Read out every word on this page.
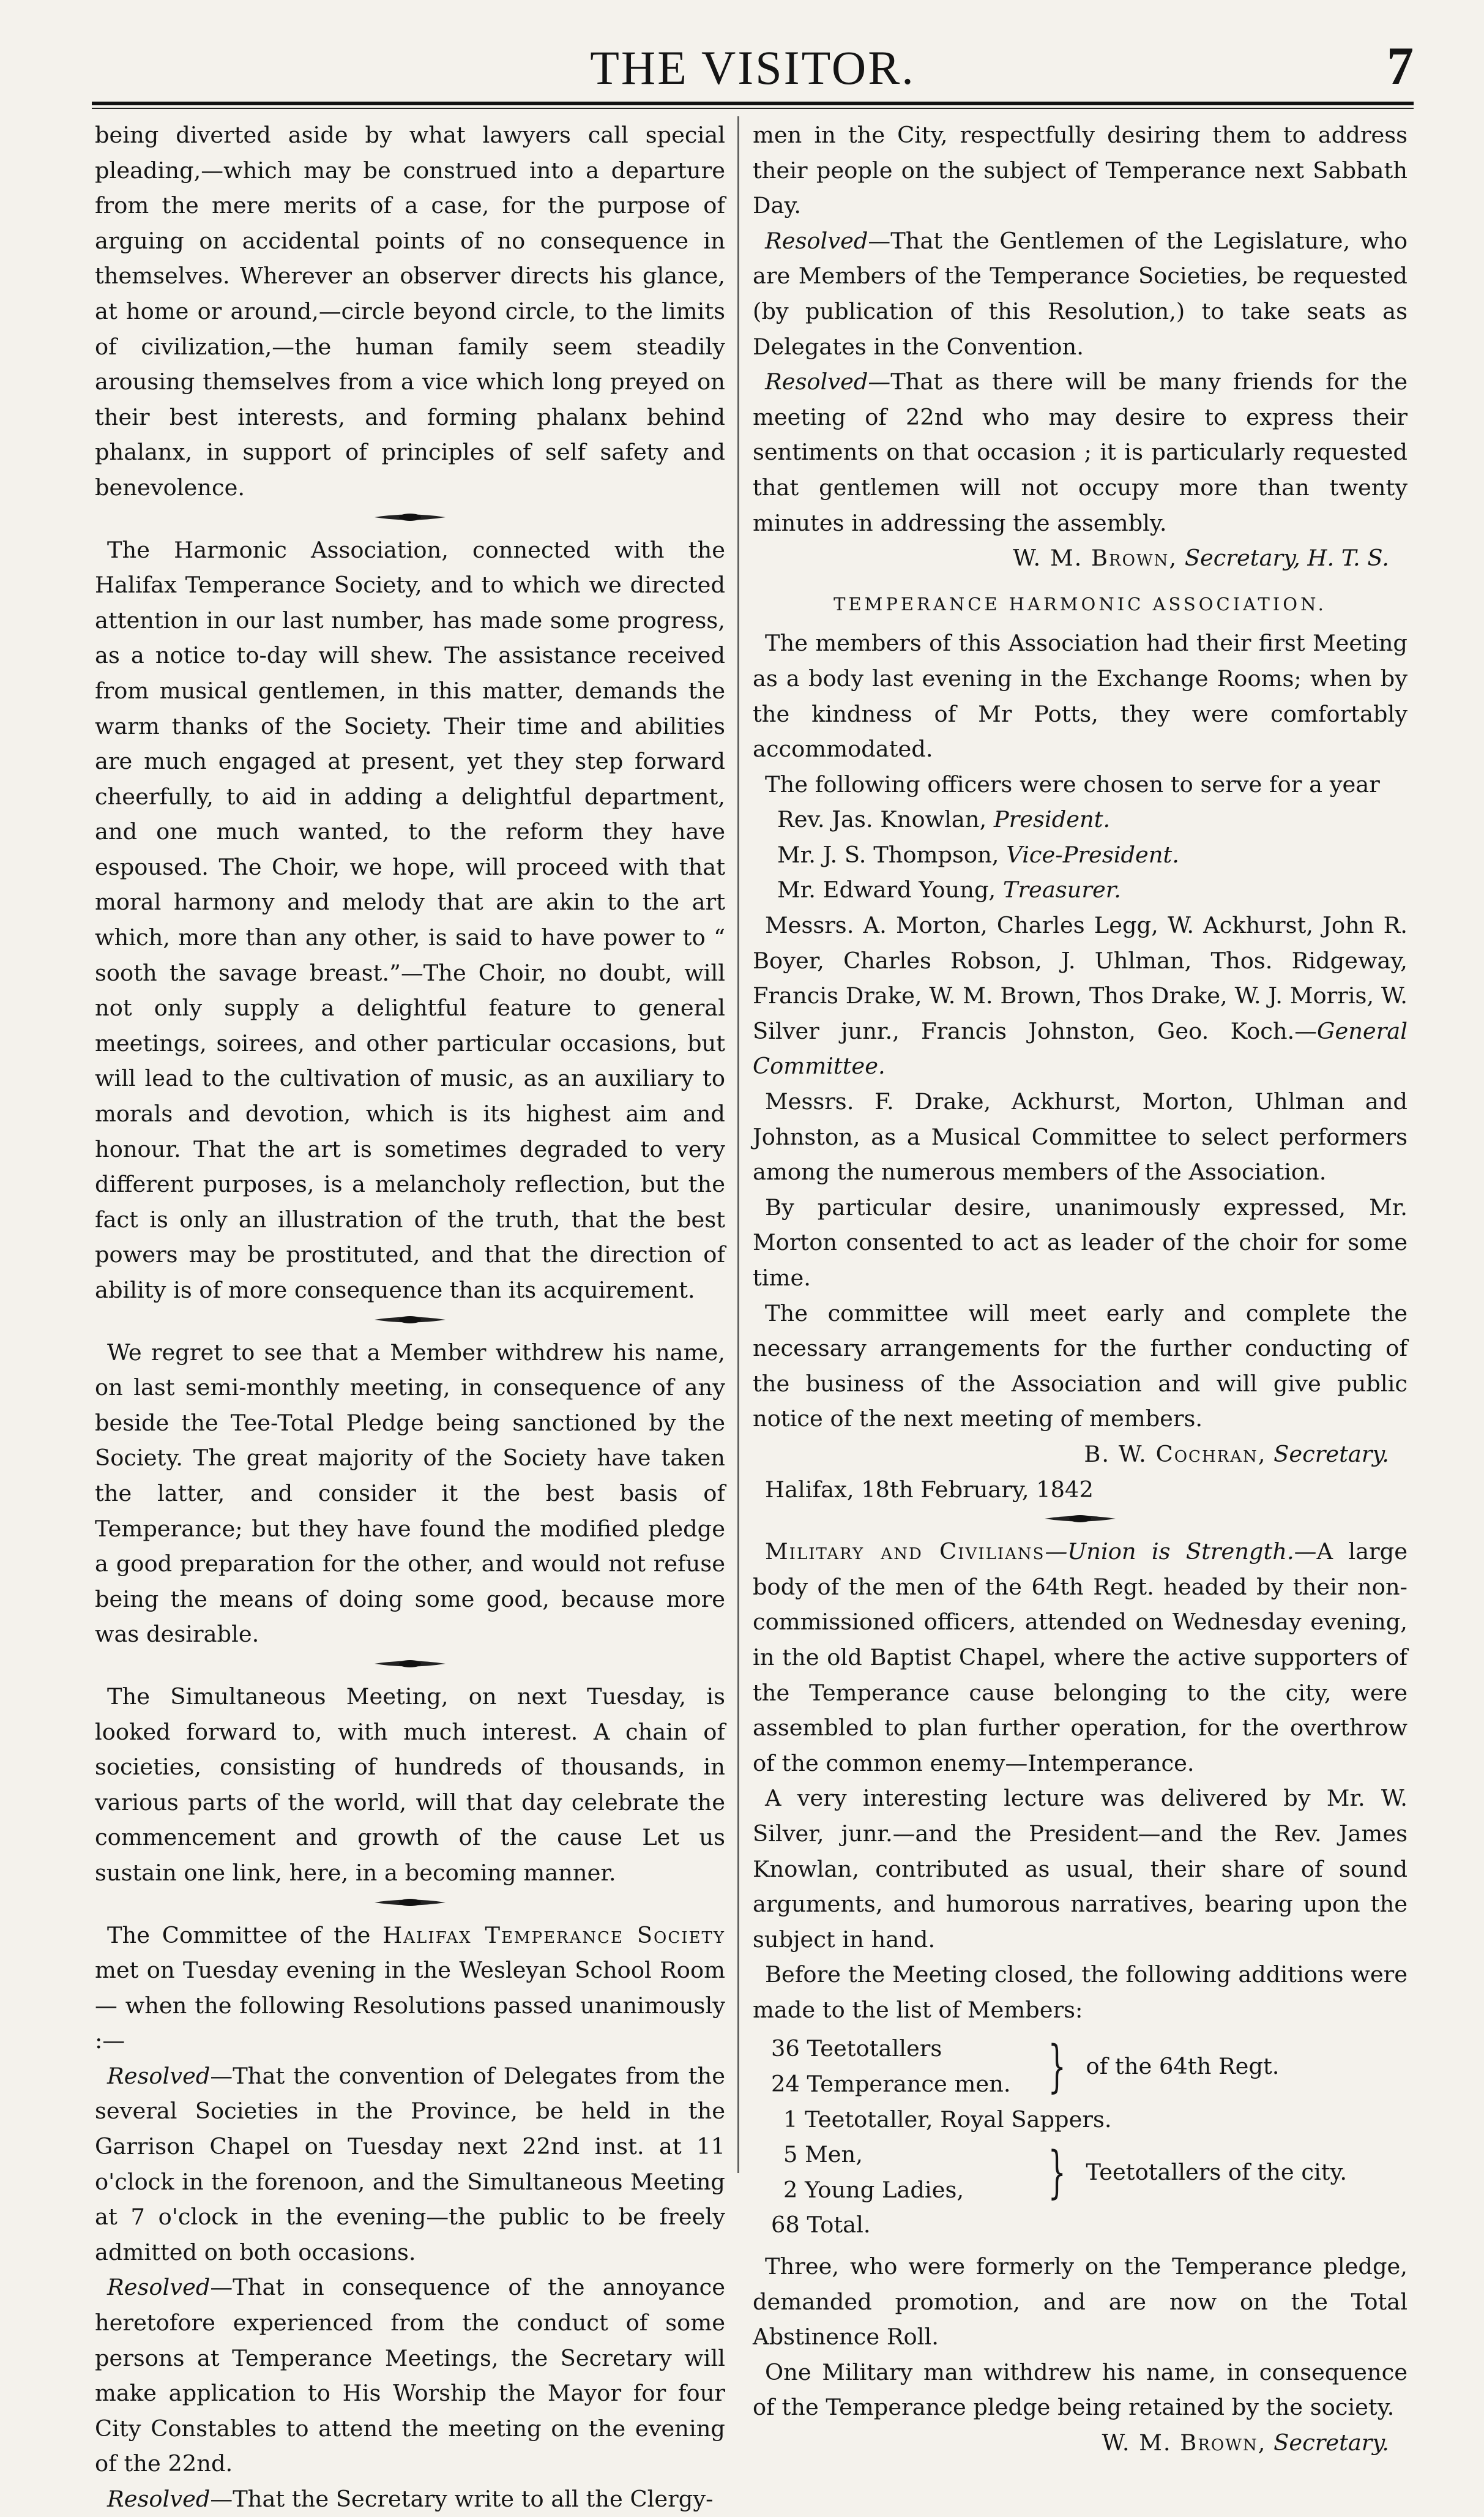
THE VISITOR.	7

being diverted aside by what lawyers call special pleading,—which may be construed into a departure from the mere merits of a case, for the purpose of arguing on accidental points of no consequence in themselves. Wherever an observer directs his glance, at home or around,—circle beyond circle, to the limits of civilization,—the human family seem steadily arousing themselves from a vice which long preyed on their best interests, and forming phalanx behind phalanx, in support of principles of self safety and benevolence.

The Harmonic Association, connected with the Halifax Temperance Society, and to which we directed attention in our last number, has made some progress, as a notice to-day will shew. The assistance received from musical gentlemen, in this matter, demands the warm thanks of the Society. Their time and abilities are much engaged at present, yet they step forward cheerfully, to aid in adding a delightful department, and one much wanted, to the reform they have espoused. The Choir, we hope, will proceed with that moral harmony and melody that are akin to the art which, more than any other, is said to have power to “ sooth the savage breast.”—The Choir, no doubt, will not only supply a delightful feature to general meetings, soirees, and other particular occasions, but will lead to the cultivation of music, as an auxiliary to morals and devotion, which is its highest aim and honour. That the art is sometimes degraded to very different purposes, is a melancholy reflection, but the fact is only an illustration of the truth, that the best powers may be prostituted, and that the direction of ability is of more consequence than its acquirement.

We regret to see that a Member withdrew his name, on last semi-monthly meeting, in consequence of any beside the Tee-Total Pledge being sanctioned by the Society. The great majority of the Society have taken the latter, and consider it the best basis of Temperance; but they have found the modified pledge a good preparation for the other, and would not refuse being the means of doing some good, because more was desirable.

The Simultaneous Meeting, on next Tuesday, is looked forward to, with much interest. A chain of societies, consisting of hundreds of thousands, in various parts of the world, will that day celebrate the commencement and growth of the cause Let us sustain one link, here, in a becoming manner.

The Committee of the Halifax Temperance Society met on Tuesday evening in the Wesleyan School Room— when the following Resolutions passed unanimously :—

Resolved—That the convention of Delegates from the several Societies in the Province, be held in the Garrison Chapel on Tuesday next 22nd inst. at 11 o'clock in the forenoon, and the Simultaneous Meeting at 7 o'clock in the evening—the public to be freely admitted on both occasions.

Resolved—That in consequence of the annoyance heretofore experienced from the conduct of some persons at Temperance Meetings, the Secretary will make application to His Worship the Mayor for four City Constables to attend the meeting on the evening of the 22nd.

Resolved—That the Secretary write to all the Clergy-

men in the City, respectfully desiring them to address their people on the subject of Temperance next Sabbath Day.

Resolved—That the Gentlemen of the Legislature, who are Members of the Temperance Societies, be requested (by publication of this Resolution,) to take seats as Delegates in the Convention.

Resolved—That as there will be many friends for the meeting of 22nd who may desire to express their sentiments on that occasion ; it is particularly requested that gentlemen will not occupy more than twenty minutes in addressing the assembly.

W. M. Brown, Secretary, H. T. S.

TEMPERANCE HARMONIC ASSOCIATION.

The members of this Association had their first Meeting as a body last evening in the Exchange Rooms; when by the kindness of Mr Potts, they were comfortably accommodated.

The following officers were chosen to serve for a year

Rev. Jas. Knowlan, President.

Mr. J. S. Thompson, Vice-President.

Mr. Edward Young, Treasurer.

Messrs. A. Morton, Charles Legg, W. Ackhurst, John R. Boyer, Charles Robson, J. Uhlman, Thos. Ridgeway, Francis Drake, W. M. Brown, Thos Drake, W. J. Morris, W. Silver junr., Francis Johnston, Geo. Koch.—General Committee.

Messrs. F. Drake, Ackhurst, Morton, Uhlman and Johnston, as a Musical Committee to select performers among the numerous members of the Association.

By particular desire, unanimously expressed, Mr. Morton consented to act as leader of the choir for some time.

The committee will meet early and complete the necessary arrangements for the further conducting of the business of the Association and will give public notice of the next meeting of members.

B. W. Cochran, Secretary.

Halifax, 18th February, 1842

Military and Civilians—Union is Strength.—A large body of the men of the 64th Regt. headed by their non-commissioned officers, attended on Wednesday evening, in the old Baptist Chapel, where the active supporters of the Temperance cause belonging to the city, were assembled to plan further operation, for the overthrow of the common enemy—Intemperance.

A very interesting lecture was delivered by Mr. W. Silver, junr.—and the President—and the Rev. James Knowlan, contributed as usual, their share of sound arguments, and humorous narratives, bearing upon the subject in hand.

Before the Meeting closed, the following additions were made to the list of Members:

36 Teetotallers
24 Temperance men. } of the 64th Regt.
1 Teetotaller, Royal Sappers.
5 Men,
2 Young Ladies,	} Teetotallers of the city.
68 Total.

Three, who were formerly on the Temperance pledge, demanded promotion, and are now on the Total Abstinence Roll.

One Military man withdrew his name, in consequence of the Temperance pledge being retained by the society.

W. M. Brown, Secretary.
